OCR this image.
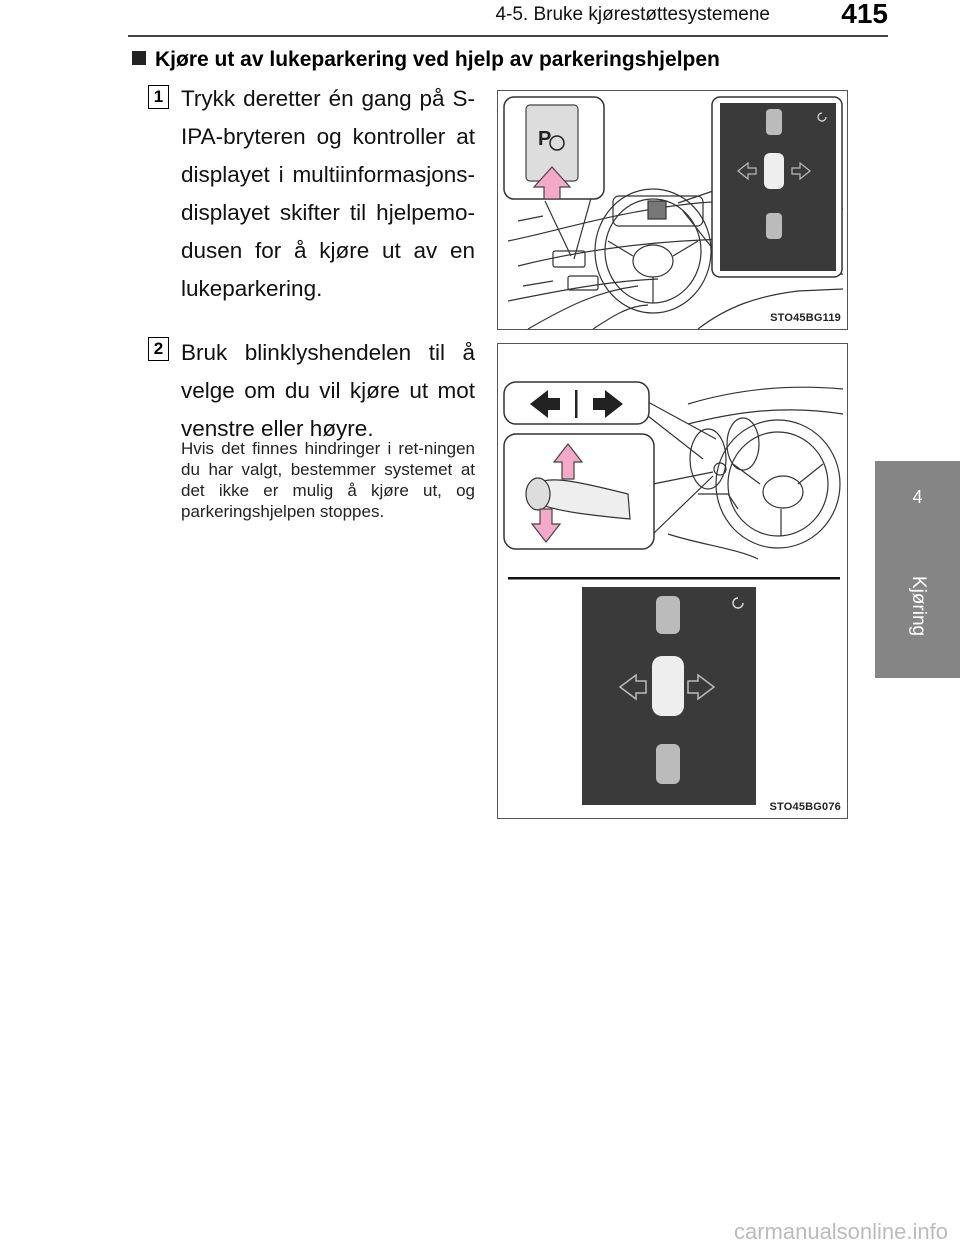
4-5. Bruke kjørestøttesystemene	415
4
Kjøring
Kjøre ut av lukeparkering ved hjelp av parkeringshjelpen
1 Trykk deretter én gang på S-IPA-bryteren og kontroller at displayet i multiinformasjons-displayet skifter til hjelpemo-dusen for å kjøre ut av en lukeparkering.
2 Bruk blinklyshendelen til å velge om du vil kjøre ut mot venstre eller høyre.
Hvis det finnes hindringer i ret-ningen du har valgt, bestemmer systemet at det ikke er mulig å kjøre ut, og parkeringshjelpen stoppes.
P
STO45BG119
STO45BG076
carmanualsonline.info
